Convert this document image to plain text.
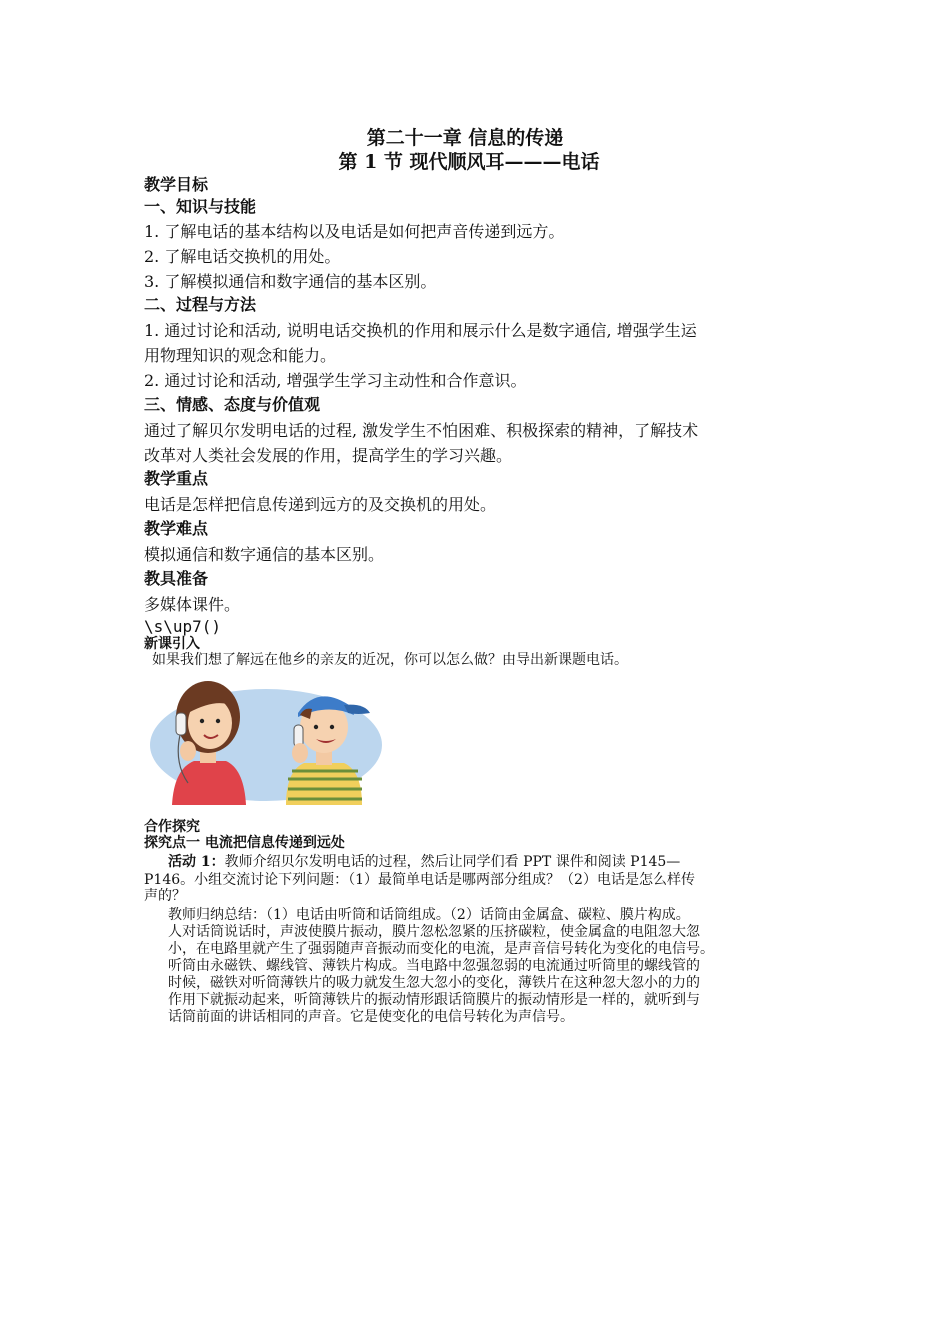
第二十一章 信息的传递
第 1 节 现代顺风耳———电话
教学目标
一、知识与技能
1. 了解电话的基本结构以及电话是如何把声音传递到远方。
2. 了解电话交换机的用处。
3. 了解模拟通信和数字通信的基本区别。
二、过程与方法
1. 通过讨论和活动, 说明电话交换机的作用和展示什么是数字通信, 增强学生运
用物理知识的观念和能力。
2. 通过讨论和活动, 增强学生学习主动性和合作意识。
三、情感、态度与价值观
通过了解贝尔发明电话的过程, 激发学生不怕困难、积极探索的精神，了解技术
改革对人类社会发展的作用，提高学生的学习兴趣。
教学重点
电话是怎样把信息传递到远方的及交换机的用处。
教学难点
模拟通信和数字通信的基本区别。
教具准备
多媒体课件。
\s\up7()
新课引入
如果我们想了解远在他乡的亲友的近况，你可以怎么做？由导出新课题电话。
合作探究
探究点一 电流把信息传递到远处
活动 1：教师介绍贝尔发明电话的过程，然后让同学们看 PPT 课件和阅读 P145—
P146。小组交流讨论下列问题：（1）最简单电话是哪两部分组成？（2）电话是怎么样传
声的？
教师归纳总结：（1）电话由听筒和话筒组成。（2）话筒由金属盒、碳粒、膜片构成。
人对话筒说话时，声波使膜片振动，膜片忽松忽紧的压挤碳粒，使金属盒的电阻忽大忽
小，在电路里就产生了强弱随声音振动而变化的电流，是声音信号转化为变化的电信号。
听筒由永磁铁、螺线管、薄铁片构成。当电路中忽强忽弱的电流通过听筒里的螺线管的
时候，磁铁对听筒薄铁片的吸力就发生忽大忽小的变化，薄铁片在这种忽大忽小的力的
作用下就振动起来，听筒薄铁片的振动情形跟话筒膜片的振动情形是一样的，就听到与
话筒前面的讲话相同的声音。它是使变化的电信号转化为声信号。
